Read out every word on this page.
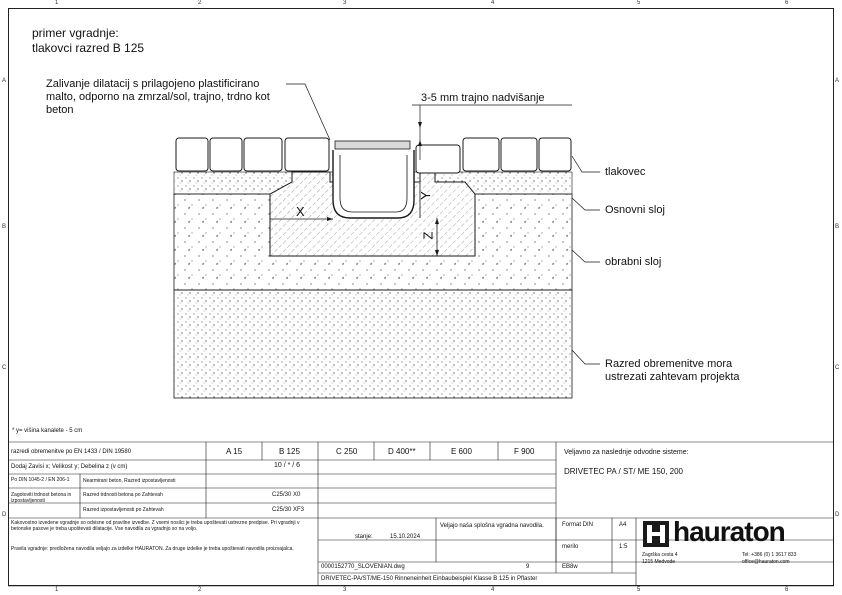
1	2	3	4	5	6
1	2	3	4	5	6
A
B
C
D
A
B
C
D
primer vgradnje:
tlakovci razred B 125
X
Y
Z
Zalivanje dilatacij s prilagojeno plastificirano
malto, odporno na zmrzal/sol, trajno, trdno kot
beton
3-5 mm trajno nadvišanje
tlakovec
Osnovni sloj
obrabni sloj
Razred obremenitve mora
ustrezati zahtevam projekta
* y= višina kanalete - 5 cm
razredi obremenitve po EN 1433 / DIN 19580	A 15	B 125	C 250	D 400**	E 600	F 900
Dodaj Zavisi x; Velikost y; Debelina z (v cm)	10 / * / 6
Po DIN 1045-2 / EN 206-1	Nearmirani beton, Razred izpostavljenosti
Zagotoviti trdnost betona in izpostavljenosti
Razred trdnosti betona po Zahtevah	C25/30 X0
Razred izpostavljenosti po Zahtevah	C25/30 XF3
Veljavno za naslednje odvodne sisteme:
DRIVETEC PA / ST/ ME 150, 200
Kakovostno izvedene vgradnje so odvisne od pravilne izvedbe. Z vsemi nosilci je treba upoštevati ustrezne predpise. Pri vgradnji v betonske pasove je treba upoštevati dilatacije. Vse navodila za vgradnjo so na voljo.
Pravila vgradnje: predložena navodila veljajo za izdelke HAURATON. Za druge izdelke je treba upoštevati navodila proizvajalca.
stanje:	15.10.2024
Veljajo naša splošna vgradna navodila.
0000152770_SLOVENIAN.dwg	9
Format DIN	A4
merilo	1:5
EB8w
DRIVETEC-PA/ST/ME-150 Rinneneinheit Einbaubeispiel Klasse B 125 in Pflaster
hauraton
Zagrška cesta 4
1215 Medvode
Tel: +386 (0) 1 3617 833
office@hauraton.com
